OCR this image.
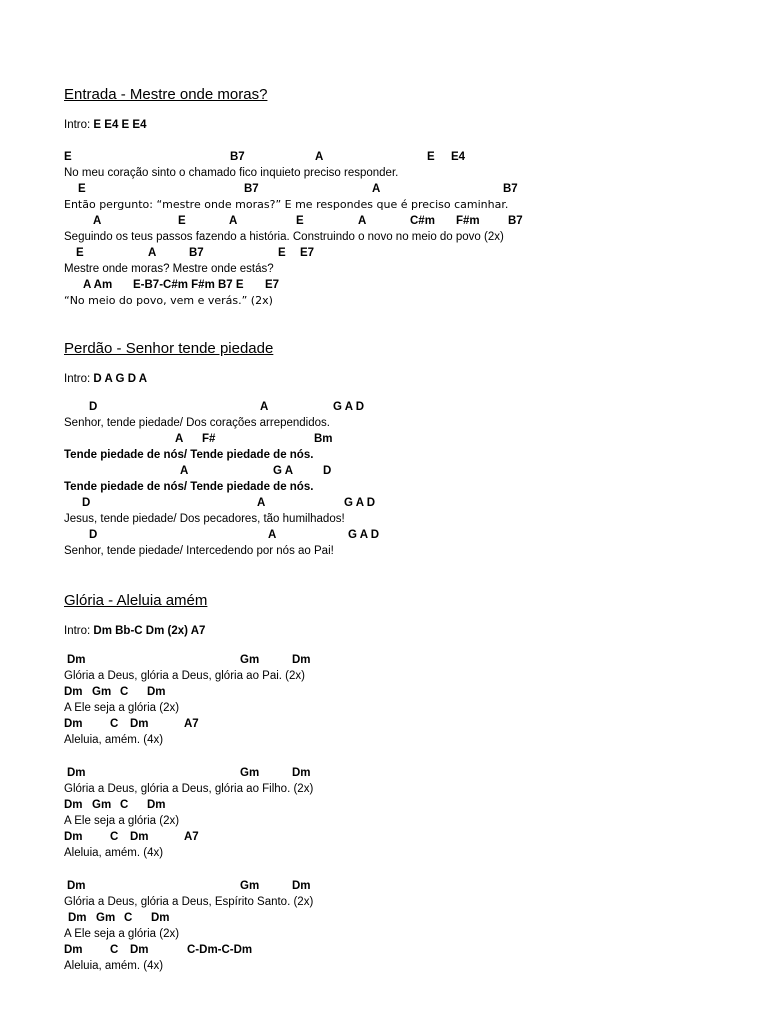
Entrada - Mestre onde moras?
Intro: E E4 E E4
E	B7	A	E E4
No meu coração sinto o chamado fico inquieto preciso responder.
E	B7	A	B7
Então pergunto: “mestre onde moras?” E me respondes que é preciso caminhar.
A	E	A	E	A	C#m F#m B7
Seguindo os teus passos fazendo a história. Construindo o novo no meio do povo (2x)
E	A	B7	E E7
Mestre onde moras? Mestre onde estás?
A Am E-B7-C#m F#m B7 E E7
“No meio do povo, vem e verás.” (2x)
Perdão - Senhor tende piedade
Intro: D A G D A
D	A	G A D
Senhor, tende piedade/ Dos corações arrependidos.
A F#	Bm
Tende piedade de nós/ Tende piedade de nós.
A	G A	D
Tende piedade de nós/ Tende piedade de nós.
D	A	G A D
Jesus, tende piedade/ Dos pecadores, tão humilhados!
D	A	G A D
Senhor, tende piedade/ Intercedendo por nós ao Pai!
Glória - Aleluia amém
Intro: Dm Bb-C Dm (2x) A7
Dm	Gm	Dm
Glória a Deus, glória a Deus, glória ao Pai. (2x)
Dm Gm C Dm
A Ele seja a glória (2x)
Dm C Dm	A7
Aleluia, amém. (4x)
Dm	Gm	Dm
Glória a Deus, glória a Deus, glória ao Filho. (2x)
Dm Gm C Dm
A Ele seja a glória (2x)
Dm C Dm	A7
Aleluia, amém. (4x)
Dm	Gm	Dm
Glória a Deus, glória a Deus, Espírito Santo. (2x)
Dm Gm C Dm
A Ele seja a glória (2x)
Dm C Dm	C-Dm-C-Dm
Aleluia, amém. (4x)
